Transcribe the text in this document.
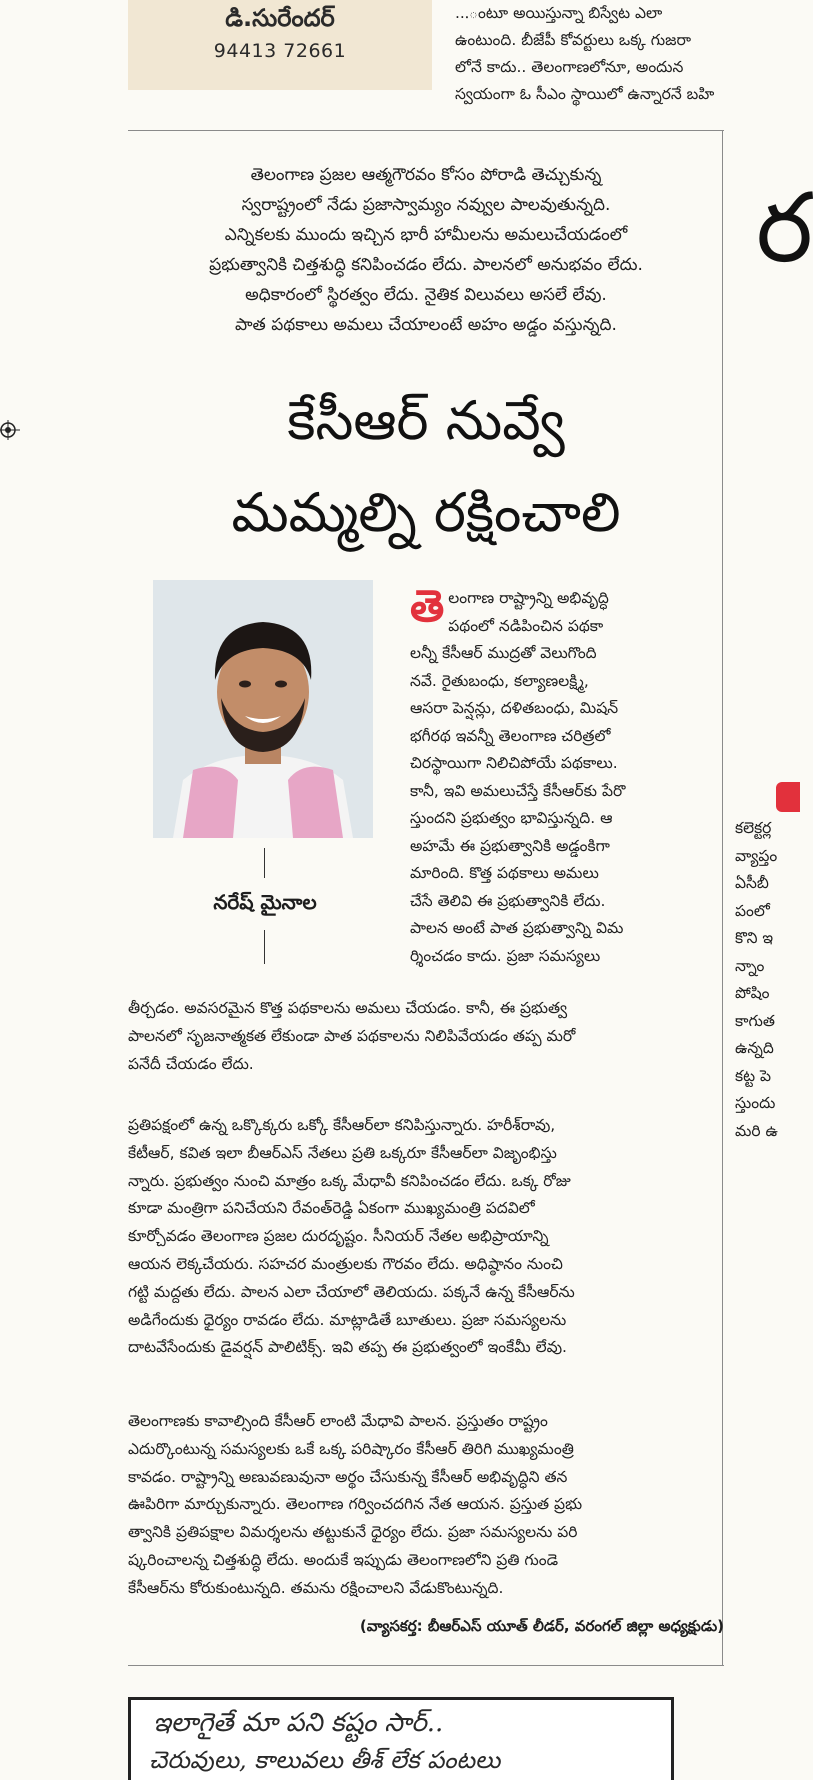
డి.సురేందర్
94413 72661
...ంటూ అయిస్తున్నా బిస్వేట ఎలా
ఉంటుంది. బీజేపీ కోవర్టులు ఒక్క గుజరా
లోనే కాదు.. తెలంగాణలోనూ, అందున
స్వయంగా ఓ సీఎం స్థాయిలో ఉన్నారనే బహి
ర
కలెక్టర్ల
వ్యాప్తం
ఏసీబీ
పంలో
కొని ఇ
న్నాం
పోషిం
కాగుత
ఉన్నది
కట్ట పె
స్తుందు
మరి ఉ
తెలంగాణ ప్రజల ఆత్మగౌరవం కోసం పోరాడి తెచ్చుకున్న
స్వరాష్ట్రంలో నేడు ప్రజాస్వామ్యం నవ్వుల పాలవుతున్నది.
ఎన్నికలకు ముందు ఇచ్చిన భారీ హామీలను అమలుచేయడంలో
ప్రభుత్వానికి చిత్తశుద్ధి కనిపించడం లేదు. పాలనలో అనుభవం లేదు.
అధికారంలో స్థిరత్వం లేదు. నైతిక విలువలు అసలే లేవు.
పాత పథకాలు అమలు చేయాలంటే అహం అడ్డం వస్తున్నది.
కేసీఆర్ నువ్వే
మమ్మల్ని రక్షించాలి
నరేష్ మైనాల
తె లంగాణ రాష్ట్రాన్ని అభివృద్ధి
పథంలో నడిపించిన పథకా
లన్నీ కేసీఆర్ ముద్రతో వెలుగొంది
నవే. రైతుబంధు, కల్యాణలక్ష్మి,
ఆసరా పెన్షన్లు, దళితబంధు, మిషన్
భగీరథ ఇవన్నీ తెలంగాణ చరిత్రలో
చిరస్థాయిగా నిలిచిపోయే పథకాలు.
కానీ, ఇవి అమలుచేస్తే కేసీఆర్‌కు పేరొ
స్తుందని ప్రభుత్వం భావిస్తున్నది. ఆ
అహమే ఈ ప్రభుత్వానికి అడ్డంకిగా
మారింది. కొత్త పథకాలు అమలు
చేసే తెలివి ఈ ప్రభుత్వానికి లేదు.
పాలన అంటే పాత ప్రభుత్వాన్ని విమ
ర్శించడం కాదు. ప్రజా సమస్యలు
తీర్చడం. అవసరమైన కొత్త పథకాలను అమలు చేయడం. కానీ, ఈ ప్రభుత్వ
పాలనలో సృజనాత్మకత లేకుండా పాత పథకాలను నిలిపివేయడం తప్ప మరో
పనేదీ చేయడం లేదు.
ప్రతిపక్షంలో ఉన్న ఒక్కొక్కరు ఒక్కో కేసీఆర్‌లా కనిపిస్తున్నారు. హరీశ్‌రావు,
కేటీఆర్, కవిత ఇలా బీఆర్‌ఎస్ నేతలు ప్రతి ఒక్కరూ కేసీఆర్‌లా విజృంభిస్తు
న్నారు. ప్రభుత్వం నుంచి మాత్రం ఒక్క మేధావీ కనిపించడం లేదు. ఒక్క రోజు
కూడా మంత్రిగా పనిచేయని రేవంత్‌రెడ్డి ఏకంగా ముఖ్యమంత్రి పదవిలో
కూర్చోవడం తెలంగాణ ప్రజల దురదృష్టం. సీనియర్ నేతల అభిప్రాయాన్ని
ఆయన లెక్కచేయరు. సహచర మంత్రులకు గౌరవం లేదు. అధిష్ఠానం నుంచి
గట్టి మద్దతు లేదు. పాలన ఎలా చేయాలో తెలియదు. పక్కనే ఉన్న కేసీఆర్‌ను
అడిగేందుకు ధైర్యం రావడం లేదు. మాట్లాడితే బూతులు. ప్రజా సమస్యలను
దాటవేసేందుకు డైవర్షన్ పాలిటిక్స్. ఇవి తప్ప ఈ ప్రభుత్వంలో ఇంకేమీ లేవు.
తెలంగాణకు కావాల్సింది కేసీఆర్ లాంటి మేధావి పాలన. ప్రస్తుతం రాష్ట్రం
ఎదుర్కొంటున్న సమస్యలకు ఒకే ఒక్క పరిష్కారం కేసీఆర్ తిరిగి ముఖ్యమంత్రి
కావడం. రాష్ట్రాన్ని అణువణువునా అర్థం చేసుకున్న కేసీఆర్ అభివృద్ధిని తన
ఊపిరిగా మార్చుకున్నారు. తెలంగాణ గర్వించదగిన నేత ఆయన. ప్రస్తుత ప్రభు
త్వానికి ప్రతిపక్షాల విమర్శలను తట్టుకునే ధైర్యం లేదు. ప్రజా సమస్యలను పరి
ష్కరించాలన్న చిత్తశుద్ధి లేదు. అందుకే ఇప్పుడు తెలంగాణలోని ప్రతి గుండె
కేసీఆర్‌ను కోరుకుంటున్నది. తమను రక్షించాలని వేడుకొంటున్నది.
(వ్యాసకర్త: బీఆర్‌ఎస్ యూత్ లీడర్, వరంగల్ జిల్లా అధ్యక్షుడు)
ఇలాగైతే మా పని కష్టం సార్..
చెరువులు, కాలువలు తీశ్ లేక పంటలు
